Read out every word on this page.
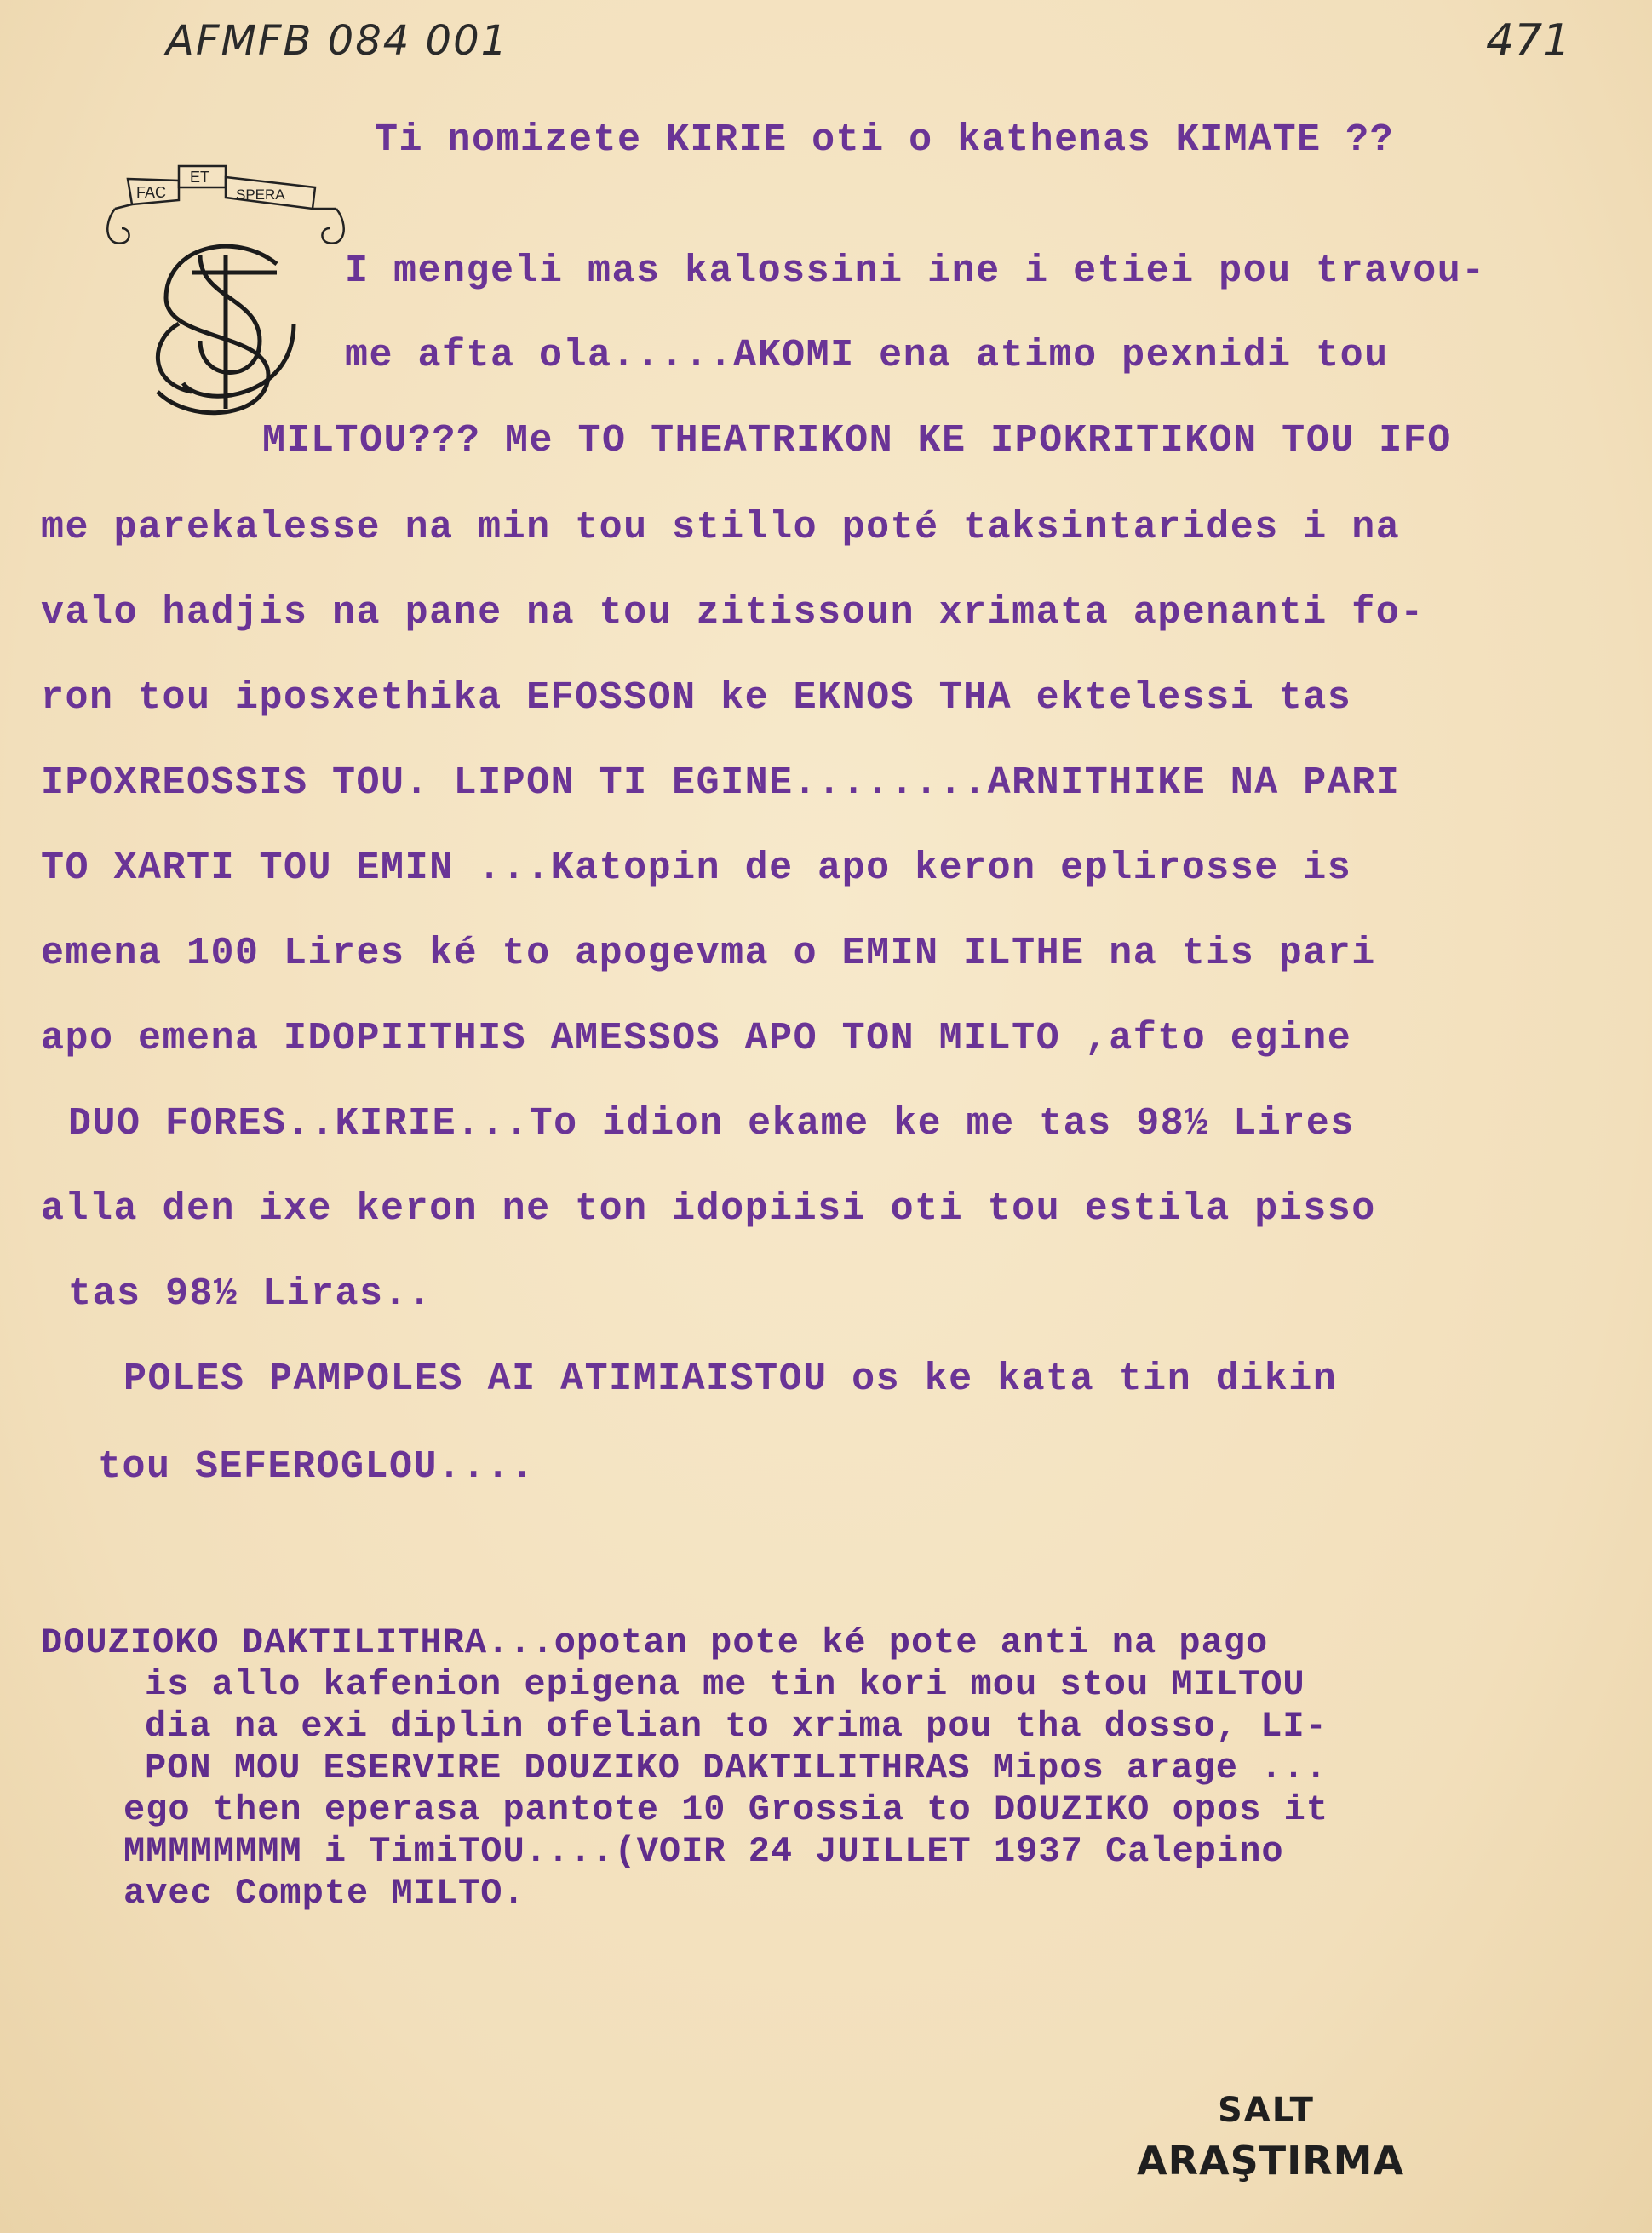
AFMFB 084 001	471
FAC
ET
SPERA
Ti nomizete KIRIE oti o kathenas KIMATE ??
I mengeli mas kalossini ine i etiei pou travou-
me afta ola.....AKOMI ena atimo pexnidi tou
MILTOU??? Me TO THEATRIKON KE IPOKRITIKON TOU IFO
me parekalesse na min tou stillo poté taksintarides i na
valo hadjis na pane na tou zitissoun xrimata apenanti fo-
ron tou iposxethika EFOSSON ke EKNOS THA ektelessi tas
IPOXREOSSIS TOU. LIPON TI EGINE........ARNITHIKE NA PARI
TO XARTI TOU EMIN ...Katopin de apo keron eplirosse is
emena 100 Lires ké to apogevma o EMIN ILTHE na tis pari
apo emena IDOPIITHIS AMESSOS APO TON MILTO ,afto egine
DUO FORES..KIRIE...To idion ekame ke me tas 98½ Lires
alla den ixe keron ne ton idopiisi oti tou estila pisso
tas 98½ Liras..
POLES PAMPOLES AI ATIMIAISTOU os ke kata tin dikin
tou SEFEROGLOU....
DOUZIOKO DAKTILITHRA...opotan pote ké pote anti na pago
is allo kafenion epigena me tin kori mou stou MILTOU
dia na exi diplin ofelian to xrima pou tha dosso, LI-
PON MOU ESERVIRE DOUZIKO DAKTILITHRAS Mipos arage ...
ego then eperasa pantote 10 Grossia to DOUZIKO opos it
MMMMMMMM i TimiTOU....(VOIR 24 JUILLET 1937 Calepino
avec Compte MILTO.
SALT
ARAŞTIRMA
